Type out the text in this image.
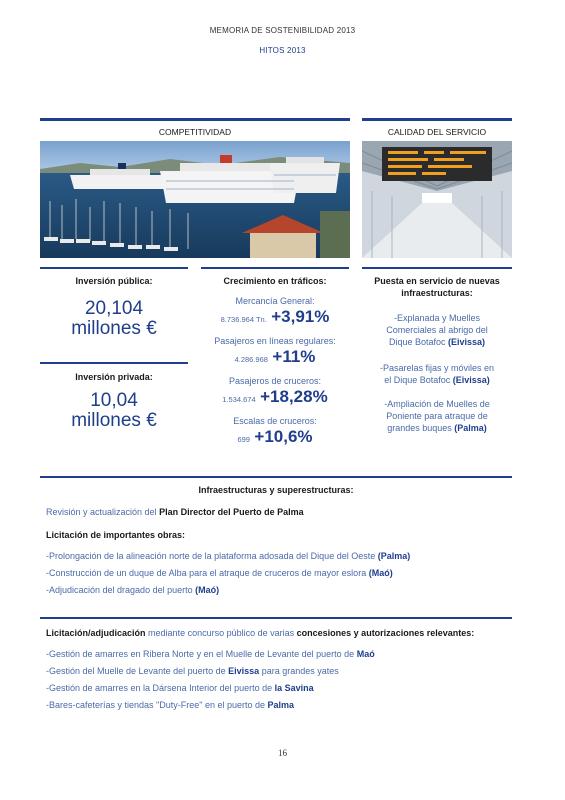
MEMORIA DE SOSTENIBILIDAD 2013
HITOS 2013
COMPETITIVIDAD	CALIDAD DEL SERVICIO
Inversión pública:
20,104
millones €
Inversión privada:
10,04
millones €
Crecimiento en tráficos:
Mercancía General:
8.736.964 Tn. +3,91%
Pasajeros en líneas regulares:
4.286.968 +11%
Pasajeros de cruceros:
1.534.674 +18,28%
Escalas de cruceros:
699 +10,6%
Puesta en servicio de nuevas
infraestructuras:
-Explanada y Muelles
Comerciales al abrigo del
Dique Botafoc (Eivissa)
-Pasarelas fijas y móviles en
el Dique Botafoc (Eivissa)
-Ampliación de Muelles de
Poniente para atraque de
grandes buques (Palma)
Infraestructuras y superestructuras:
Revisión y actualización del Plan Director del Puerto de Palma
Licitación de importantes obras:
-Prolongación de la alineación norte de la plataforma adosada del Dique del Oeste (Palma)
-Construcción de un duque de Alba para el atraque de cruceros de mayor eslora (Maó)
-Adjudicación del dragado del puerto (Maó)
Licitación/adjudicación mediante concurso público de varias concesiones y autorizaciones relevantes:
-Gestión de amarres en Ribera Norte y en el Muelle de Levante del puerto de Maó
-Gestión del Muelle de Levante del puerto de Eivissa para grandes yates
-Gestión de amarres en la Dársena Interior del puerto de la Savina
-Bares-cafeterías y tiendas "Duty-Free" en el puerto de Palma
16
